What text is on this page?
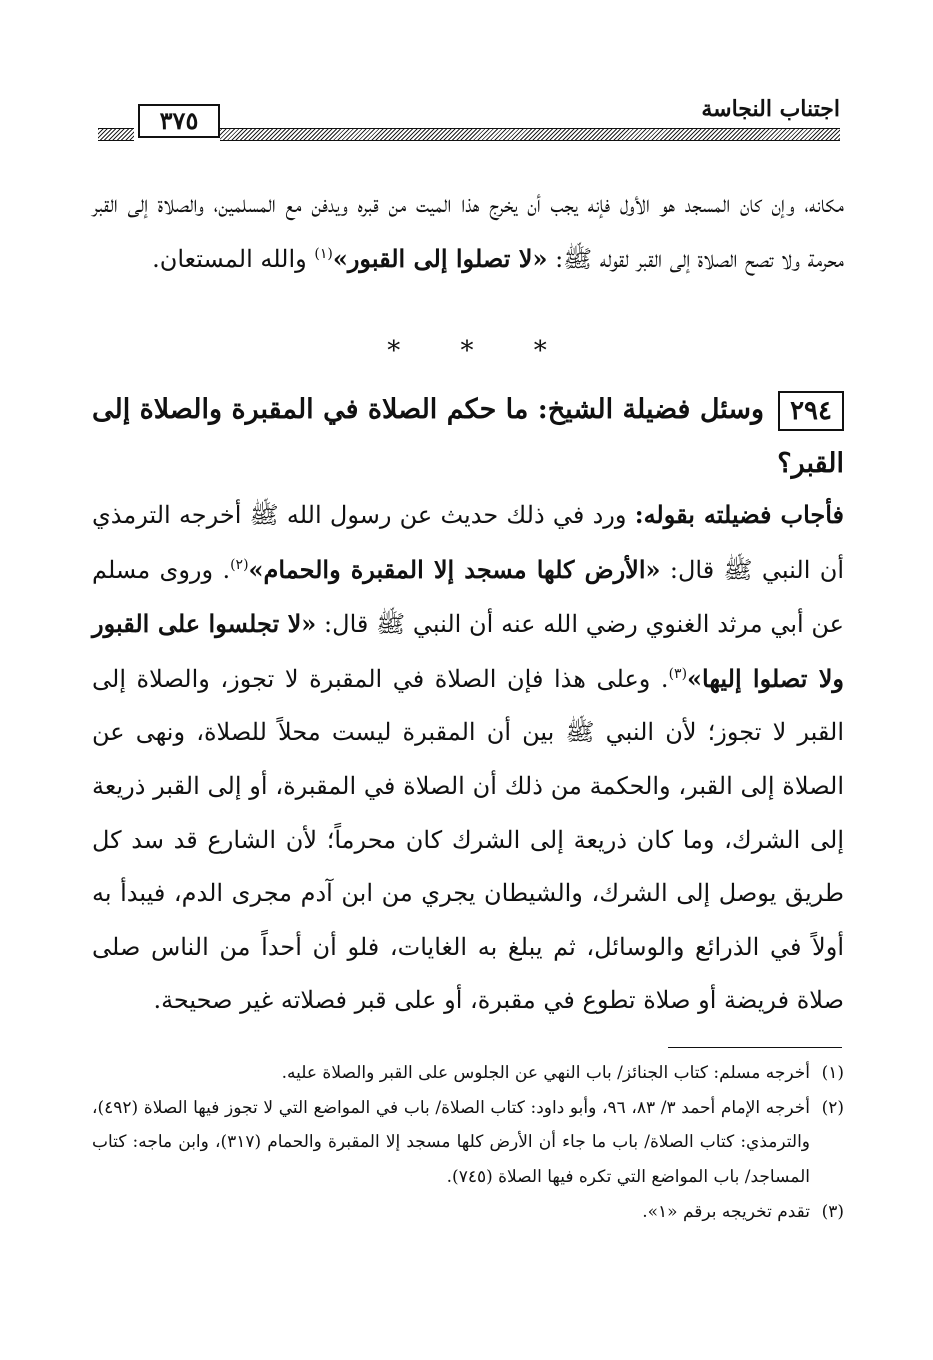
٣٧٥	اجتناب النجاسة

مكانه، وإن كان المسجد هو الأول فإنه يجب أن يخرج هذا الميت من قبره ويدفن مع المسلمين، والصلاة إلى القبر محرمة ولا تصح الصلاة إلى القبر لقوله ﷺ: «لا تصلوا إلى القبور»$^{(١)}$ والله المستعان.

* * *

٢٩٤وسئل فضيلة الشيخ: ما حكم الصلاة في المقبرة والصلاة إلى القبر؟

فأجاب فضيلته بقوله: ورد في ذلك حديث عن رسول الله ﷺ أخرجه الترمذي أن النبي ﷺ قال: «الأرض كلها مسجد إلا المقبرة والحمام»$^{(٢)}$. وروى مسلم عن أبي مرثد الغنوي رضي الله عنه أن النبي ﷺ قال: «لا تجلسوا على القبور ولا تصلوا إليها»$^{(٣)}$. وعلى هذا فإن الصلاة في المقبرة لا تجوز، والصلاة إلى القبر لا تجوز؛ لأن النبي ﷺ بين أن المقبرة ليست محلاً للصلاة، ونهى عن الصلاة إلى القبر، والحكمة من ذلك أن الصلاة في المقبرة، أو إلى القبر ذريعة إلى الشرك، وما كان ذريعة إلى الشرك كان محرماً؛ لأن الشارع قد سد كل طريق يوصل إلى الشرك، والشيطان يجري من ابن آدم مجرى الدم، فيبدأ به أولاً في الذرائع والوسائل، ثم يبلغ به الغايات، فلو أن أحداً من الناس صلى صلاة فريضة أو صلاة تطوع في مقبرة، أو على قبر فصلاته غير صحيحة.

(١)أخرجه مسلم: كتاب الجنائز/ باب النهي عن الجلوس على القبر والصلاة عليه.

(٢)أخرجه الإمام أحمد ٣/ ٨٣، ٩٦، وأبو داود: كتاب الصلاة/ باب في المواضع التي لا تجوز فيها الصلاة (٤٩٢)، والترمذي: كتاب الصلاة/ باب ما جاء أن الأرض كلها مسجد إلا المقبرة والحمام (٣١٧)، وابن ماجه: كتاب المساجد/ باب المواضع التي تكره فيها الصلاة (٧٤٥).

(٣)تقدم تخريجه برقم «١».
